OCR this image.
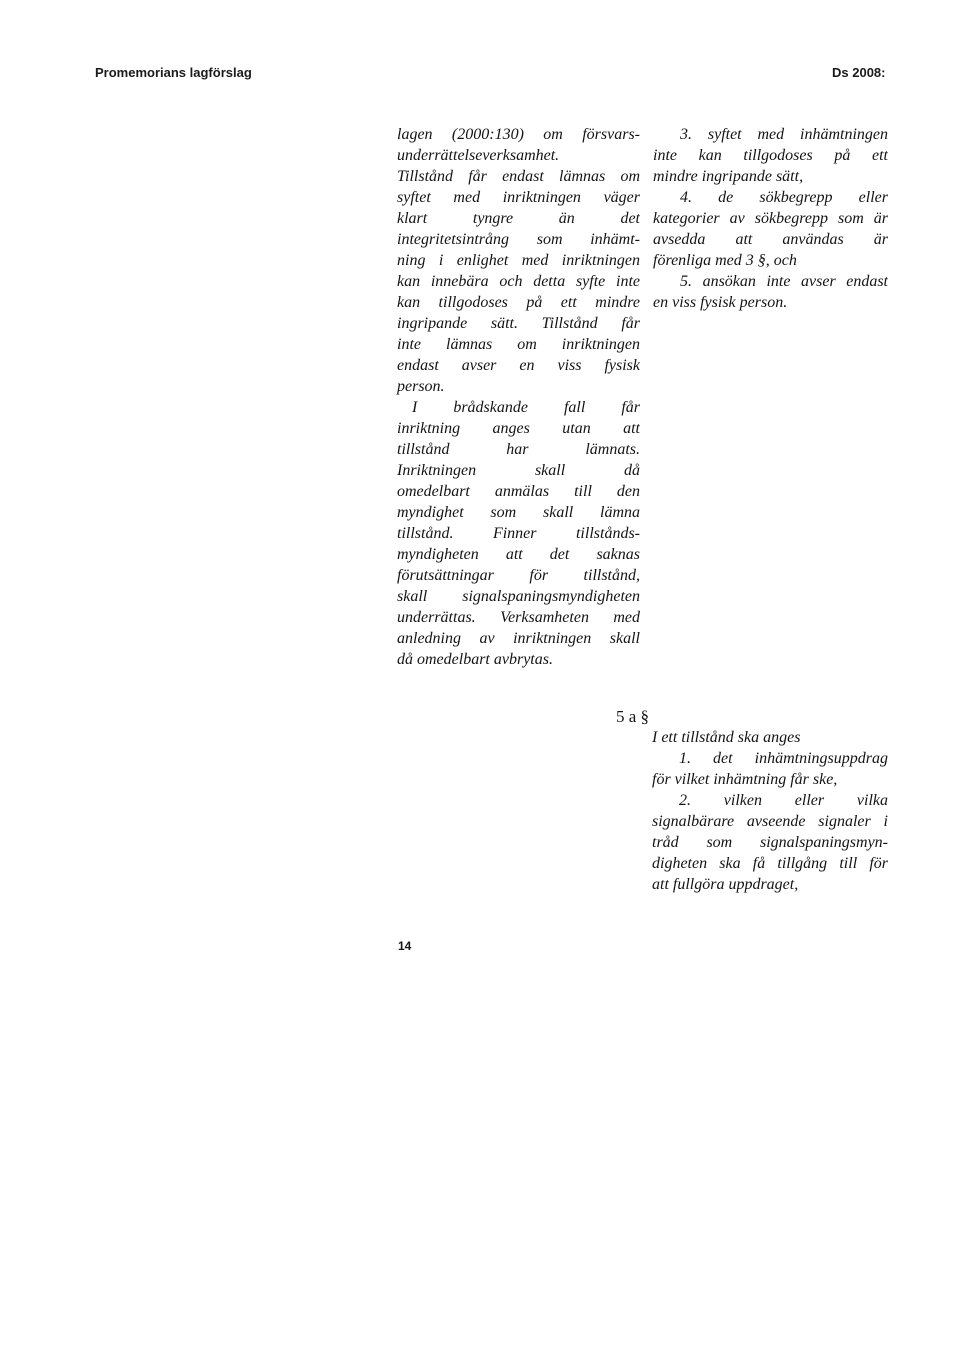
Promemorians lagförslag	Ds 2008:
lagen (2000:130) om försvars-
underrättelseverksamhet.
Tillstånd får endast lämnas om
syftet med inriktningen väger
klart tyngre än det
integritetsintrång som inhämt-
ning i enlighet med inriktningen
kan innebära och detta syfte inte
kan tillgodoses på ett mindre
ingripande sätt. Tillstånd får
inte lämnas om inriktningen
endast avser en viss fysisk
person.
I brådskande fall får
inriktning anges utan att
tillstånd har lämnats.
Inriktningen skall då
omedelbart anmälas till den
myndighet som skall lämna
tillstånd. Finner tillstånds-
myndigheten att det saknas
förutsättningar för tillstånd,
skall signalspaningsmyndigheten
underrättas. Verksamheten med
anledning av inriktningen skall
då omedelbart avbrytas.
3. syftet med inhämtningen
inte kan tillgodoses på ett
mindre ingripande sätt,
4. de sökbegrepp eller
kategorier av sökbegrepp som är
avsedda att användas är
förenliga med 3 §, och
5. ansökan inte avser endast
en viss fysisk person.
5 a §
I ett tillstånd ska anges
1. det inhämtningsuppdrag
för vilket inhämtning får ske,
2. vilken eller vilka
signalbärare avseende signaler i
tråd som signalspaningsmyn-
digheten ska få tillgång till för
att fullgöra uppdraget,
14
